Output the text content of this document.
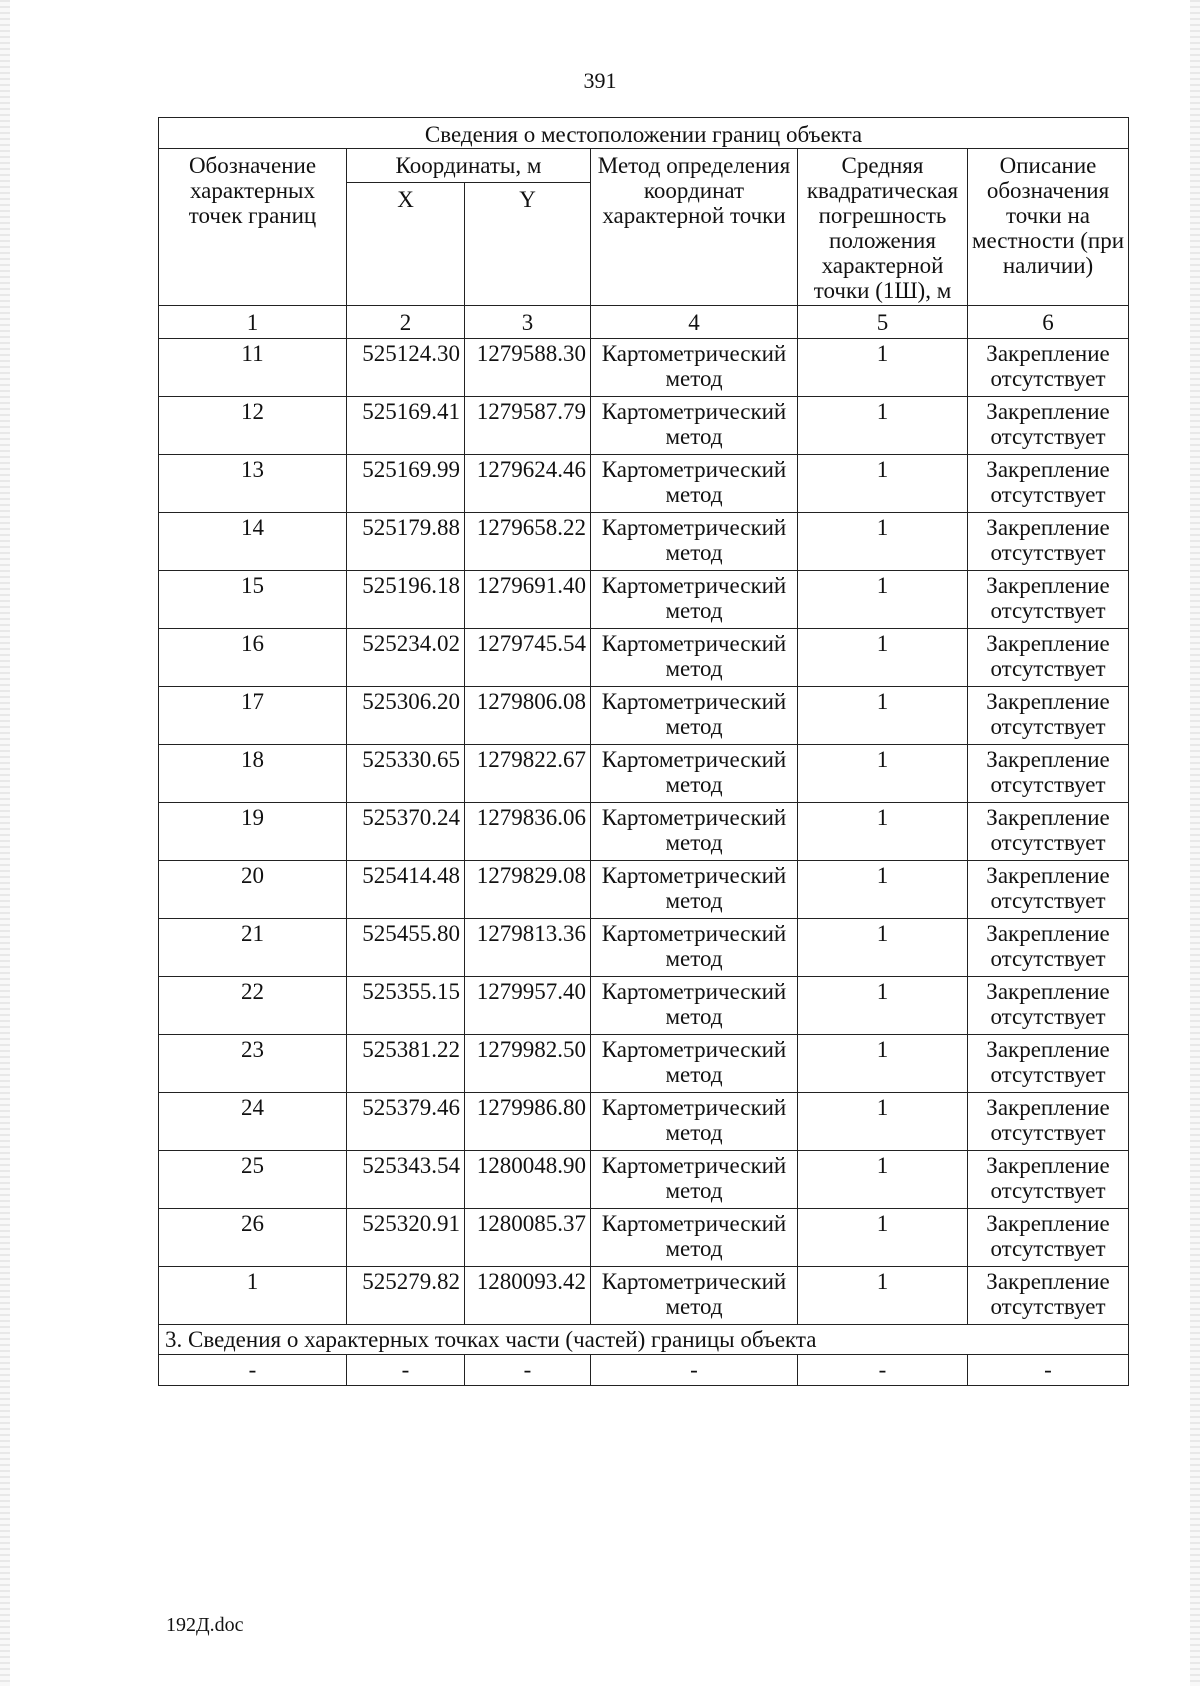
391
Сведения о местоположении границ объекта					
Обозначение характерных точек границ	Координаты, м		Метод определения координат характерной точки	Средняя квадратическая погрешность положения характерной точки (1Ш), м	Описание обозначения точки на местности (при наличии)
	X	Y			
1	2	3	4	5	6
11	525124.30	1279588.30	Картометрический метод	1	Закрепление отсутствует
12	525169.41	1279587.79	Картометрический метод	1	Закрепление отсутствует
13	525169.99	1279624.46	Картометрический метод	1	Закрепление отсутствует
14	525179.88	1279658.22	Картометрический метод	1	Закрепление отсутствует
15	525196.18	1279691.40	Картометрический метод	1	Закрепление отсутствует
16	525234.02	1279745.54	Картометрический метод	1	Закрепление отсутствует
17	525306.20	1279806.08	Картометрический метод	1	Закрепление отсутствует
18	525330.65	1279822.67	Картометрический метод	1	Закрепление отсутствует
19	525370.24	1279836.06	Картометрический метод	1	Закрепление отсутствует
20	525414.48	1279829.08	Картометрический метод	1	Закрепление отсутствует
21	525455.80	1279813.36	Картометрический метод	1	Закрепление отсутствует
22	525355.15	1279957.40	Картометрический метод	1	Закрепление отсутствует
23	525381.22	1279982.50	Картометрический метод	1	Закрепление отсутствует
24	525379.46	1279986.80	Картометрический метод	1	Закрепление отсутствует
25	525343.54	1280048.90	Картометрический метод	1	Закрепление отсутствует
26	525320.91	1280085.37	Картометрический метод	1	Закрепление отсутствует
1	525279.82	1280093.42	Картометрический метод	1	Закрепление отсутствует
3. Сведения о характерных точках части (частей) границы объекта					
-	-	-	-	-	-
192Д.doc
